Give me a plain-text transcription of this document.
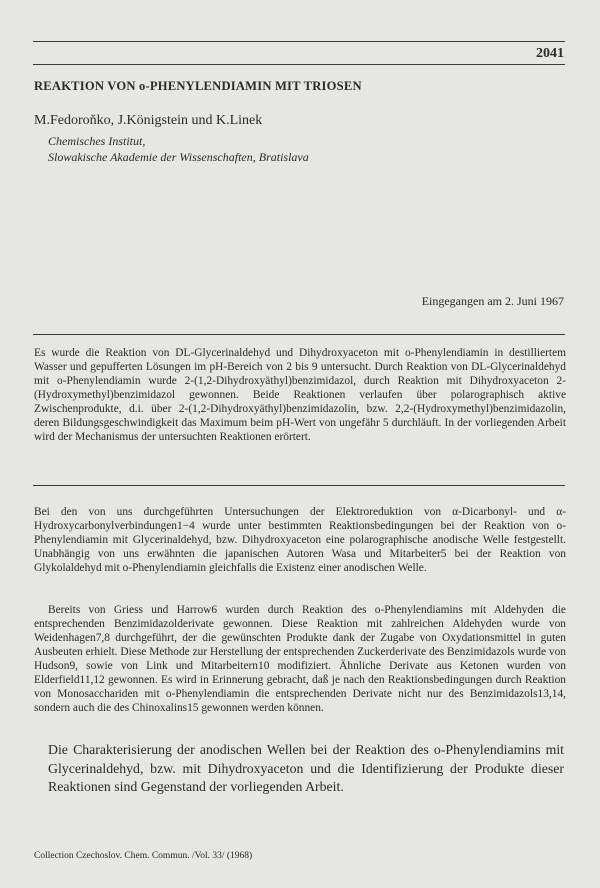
2041
REAKTION VON o-PHENYLENDIAMIN MIT TRIOSEN
M.Fedoroňko, J.Königstein und K.Linek
Chemisches Institut,
Slowakische Akademie der Wissenschaften, Bratislava
Eingegangen am 2. Juni 1967

Es wurde die Reaktion von DL-Glycerinaldehyd und Dihydroxyaceton mit o-Phenylendiamin in destilliertem Wasser und gepufferten Lösungen im pH-Bereich von 2 bis 9 untersucht. Durch Reaktion von DL-Glycerinaldehyd mit o-Phenylendiamin wurde 2-(1,2-Dihydroxyäthyl)benzimidazol, durch Reaktion mit Dihydroxyaceton 2-(Hydroxymethyl)benzimidazol gewonnen. Beide Reaktionen verlaufen über polarographisch aktive Zwischenprodukte, d.i. über 2-(1,2-Dihydroxyäthyl)benzimidazolin, bzw. 2,2-(Hydroxymethyl)benzimidazolin, deren Bildungsgeschwindigkeit das Maximum beim pH-Wert von ungefähr 5 durchläuft. In der vorliegenden Arbeit wird der Mechanismus der untersuchten Reaktionen erörtert.

Bei den von uns durchgeführten Untersuchungen der Elektroreduktion von α-Dicarbonyl- und α-Hydroxycarbonylverbindungen1−4 wurde unter bestimmten Reaktionsbedingungen bei der Reaktion von o-Phenylendiamin mit Glycerinaldehyd, bzw. Dihydroxyaceton eine polarographische anodische Welle festgestellt. Unabhängig von uns erwähnten die japanischen Autoren Wasa und Mitarbeiter5 bei der Reaktion von Glykolaldehyd mit o-Phenylendiamin gleichfalls die Existenz einer anodischen Welle.

Bereits von Griess und Harrow6 wurden durch Reaktion des o-Phenylendiamins mit Aldehyden die entsprechenden Benzimidazolderivate gewonnen. Diese Reaktion mit zahlreichen Aldehyden wurde von Weidenhagen7,8 durchgeführt, der die gewünschten Produkte dank der Zugabe von Oxydationsmittel in guten Ausbeuten erhielt. Diese Methode zur Herstellung der entsprechenden Zuckerderivate des Benzimidazols wurde von Hudson9, sowie von Link und Mitarbeitern10 modifiziert. Ähnliche Derivate aus Ketonen wurden von Elderfield11,12 gewonnen. Es wird in Erinnerung gebracht, daß je nach den Reaktionsbedingungen durch Reaktion von Monosacchariden mit o-Phenylendiamin die entsprechenden Derivate nicht nur des Benzimidazols13,14, sondern auch die des Chinoxalins15 gewonnen werden können.

Die Charakterisierung der anodischen Wellen bei der Reaktion des o-Phenylendiamins mit Glycerinaldehyd, bzw. mit Dihydroxyaceton und die Identifizierung der Produkte dieser Reaktionen sind Gegenstand der vorliegenden Arbeit.

Collection Czechoslov. Chem. Commun. /Vol. 33/ (1968)
